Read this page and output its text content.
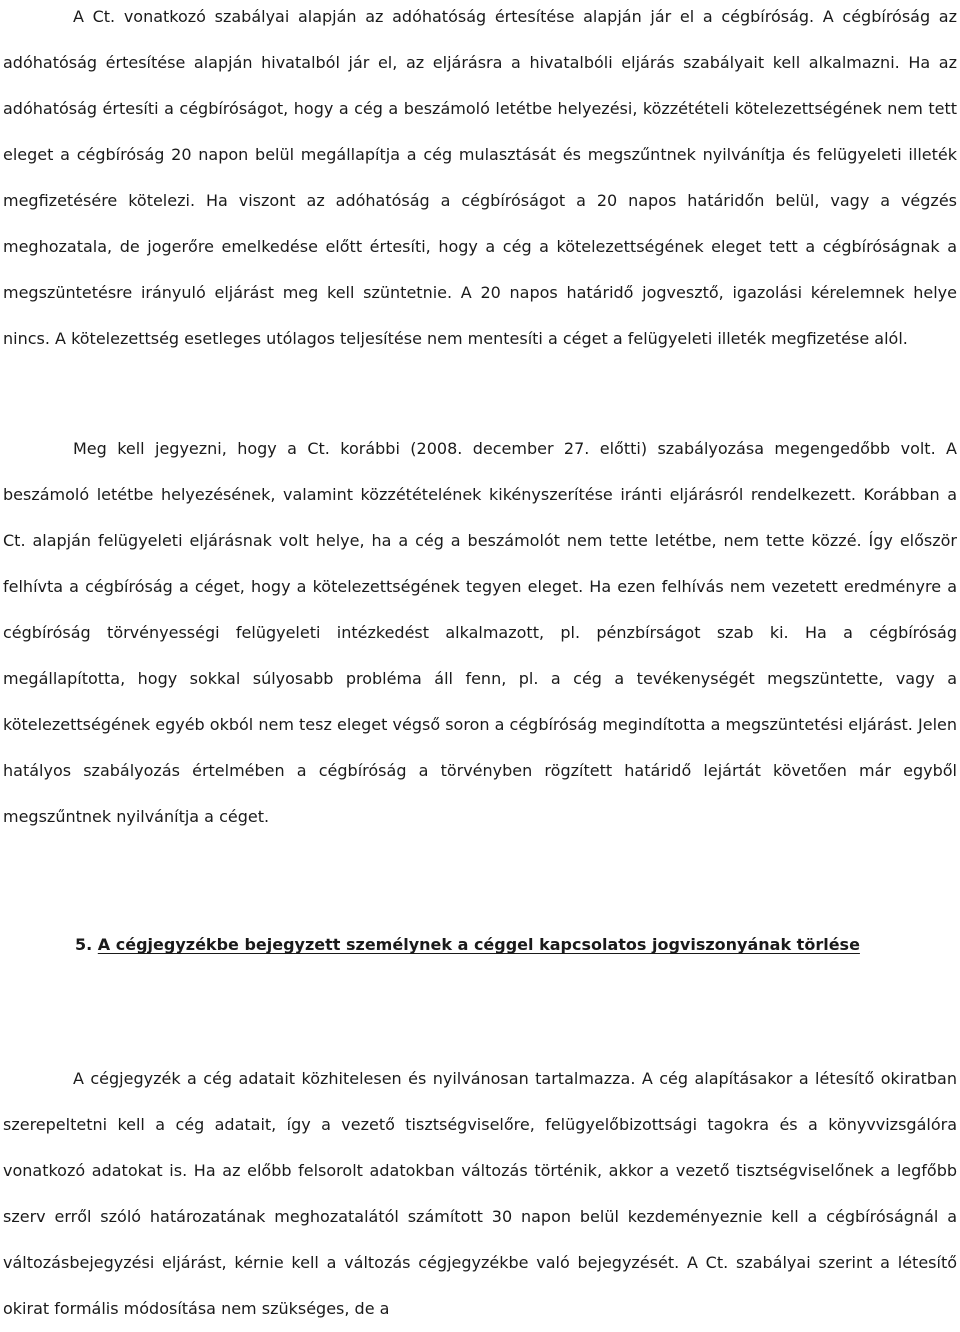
A Ct. vonatkozó szabályai alapján az adóhatóság értesítése alapján jár el a cégbíróság. A cégbíróság az adóhatóság értesítése alapján hivatalból jár el, az eljárásra a hivatalbóli eljárás szabályait kell alkalmazni. Ha az adóhatóság értesíti a cégbíróságot, hogy a cég a beszámoló letétbe helyezési, közzétételi kötelezettségének nem tett eleget a cégbíróság 20 napon belül megállapítja a cég mulasztását és megszűntnek nyilvánítja és felügyeleti illeték megfizetésére kötelezi. Ha viszont az adóhatóság a cégbíróságot a 20 napos határidőn belül, vagy a végzés meghozatala, de jogerőre emelkedése előtt értesíti, hogy a cég a kötelezettségének eleget tett a cégbíróságnak a megszüntetésre irányuló eljárást meg kell szüntetnie. A 20 napos határidő jogvesztő, igazolási kérelemnek helye nincs. A kötelezettség esetleges utólagos teljesítése nem mentesíti a céget a felügyeleti illeték megfizetése alól.

Meg kell jegyezni, hogy a Ct. korábbi (2008. december 27. előtti) szabályozása megengedőbb volt. A beszámoló letétbe helyezésének, valamint közzétételének kikényszerítése iránti eljárásról rendelkezett. Korábban a Ct. alapján felügyeleti eljárásnak volt helye, ha a cég a beszámolót nem tette letétbe, nem tette közzé. Így először felhívta a cégbíróság a céget, hogy a kötelezettségének tegyen eleget. Ha ezen felhívás nem vezetett eredményre a cégbíróság törvényességi felügyeleti intézkedést alkalmazott, pl. pénzbírságot szab ki. Ha a cégbíróság megállapította, hogy sokkal súlyosabb probléma áll fenn, pl. a cég a tevékenységét megszüntette, vagy a kötelezettségének egyéb okból nem tesz eleget végső soron a cégbíróság megindította a megszüntetési eljárást. Jelen hatályos szabályozás értelmében a cégbíróság a törvényben rögzített határidő lejártát követően már egyből megszűntnek nyilvánítja a céget.

5. A cégjegyzékbe bejegyzett személynek a céggel kapcsolatos jogviszonyának törlése

A cégjegyzék a cég adatait közhitelesen és nyilvánosan tartalmazza. A cég alapításakor a létesítő okiratban szerepeltetni kell a cég adatait, így a vezető tisztségviselőre, felügyelőbizottsági tagokra és a könyvvizsgálóra vonatkozó adatokat is. Ha az előbb felsorolt adatokban változás történik, akkor a vezető tisztségviselőnek a legfőbb szerv erről szóló határozatának meghozatalától számított 30 napon belül kezdeményeznie kell a cégbíróságnál a változásbejegyzési eljárást, kérnie kell a változás cégjegyzékbe való bejegyzését. A Ct. szabályai szerint a létesítő okirat formális módosítása nem szükséges, de a
